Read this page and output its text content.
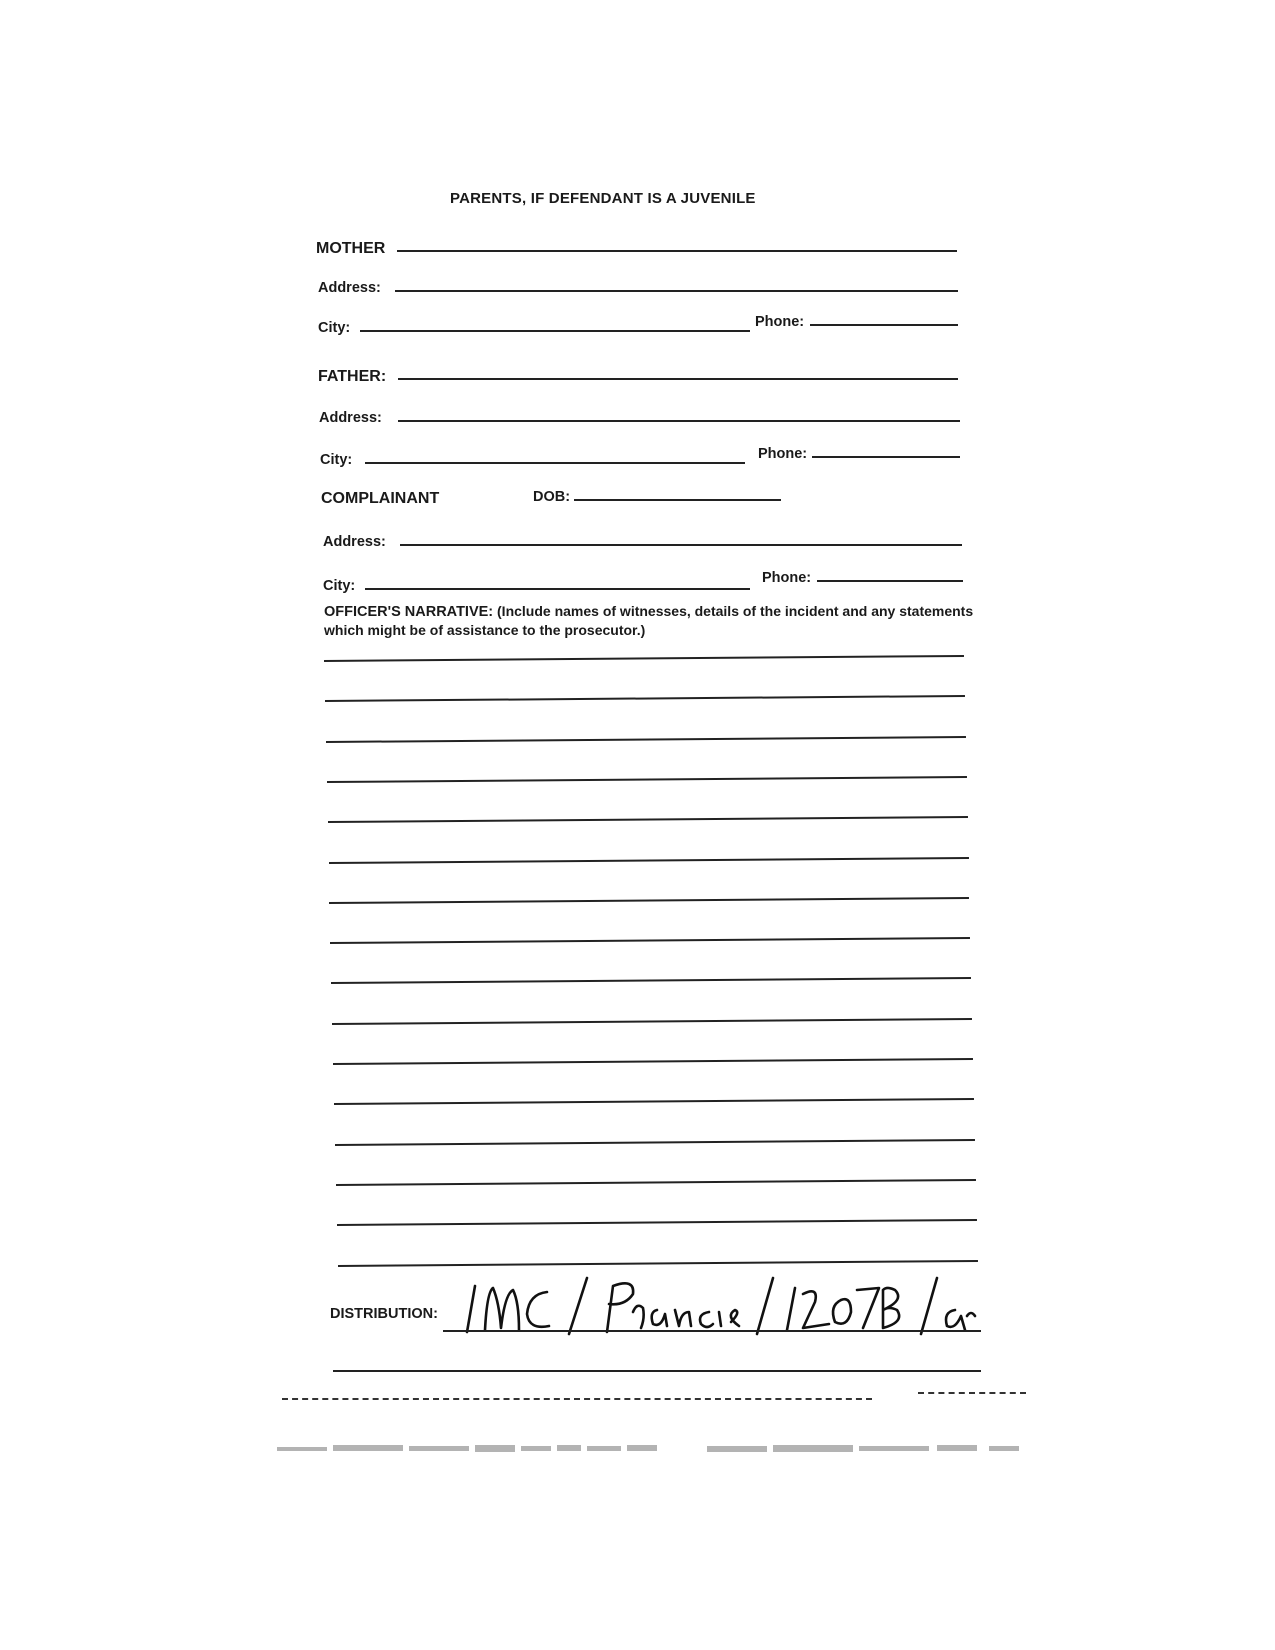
PARENTS, IF DEFENDANT IS A JUVENILE
MOTHER
Address:
City:	Phone:
FATHER:
Address:
City:	Phone:
COMPLAINANT	DOB:
Address:
City:	Phone:
OFFICER'S NARRATIVE: (Include names of witnesses, details of the incident and any statements which might be of assistance to the prosecutor.)
DISTRIBUTION:
